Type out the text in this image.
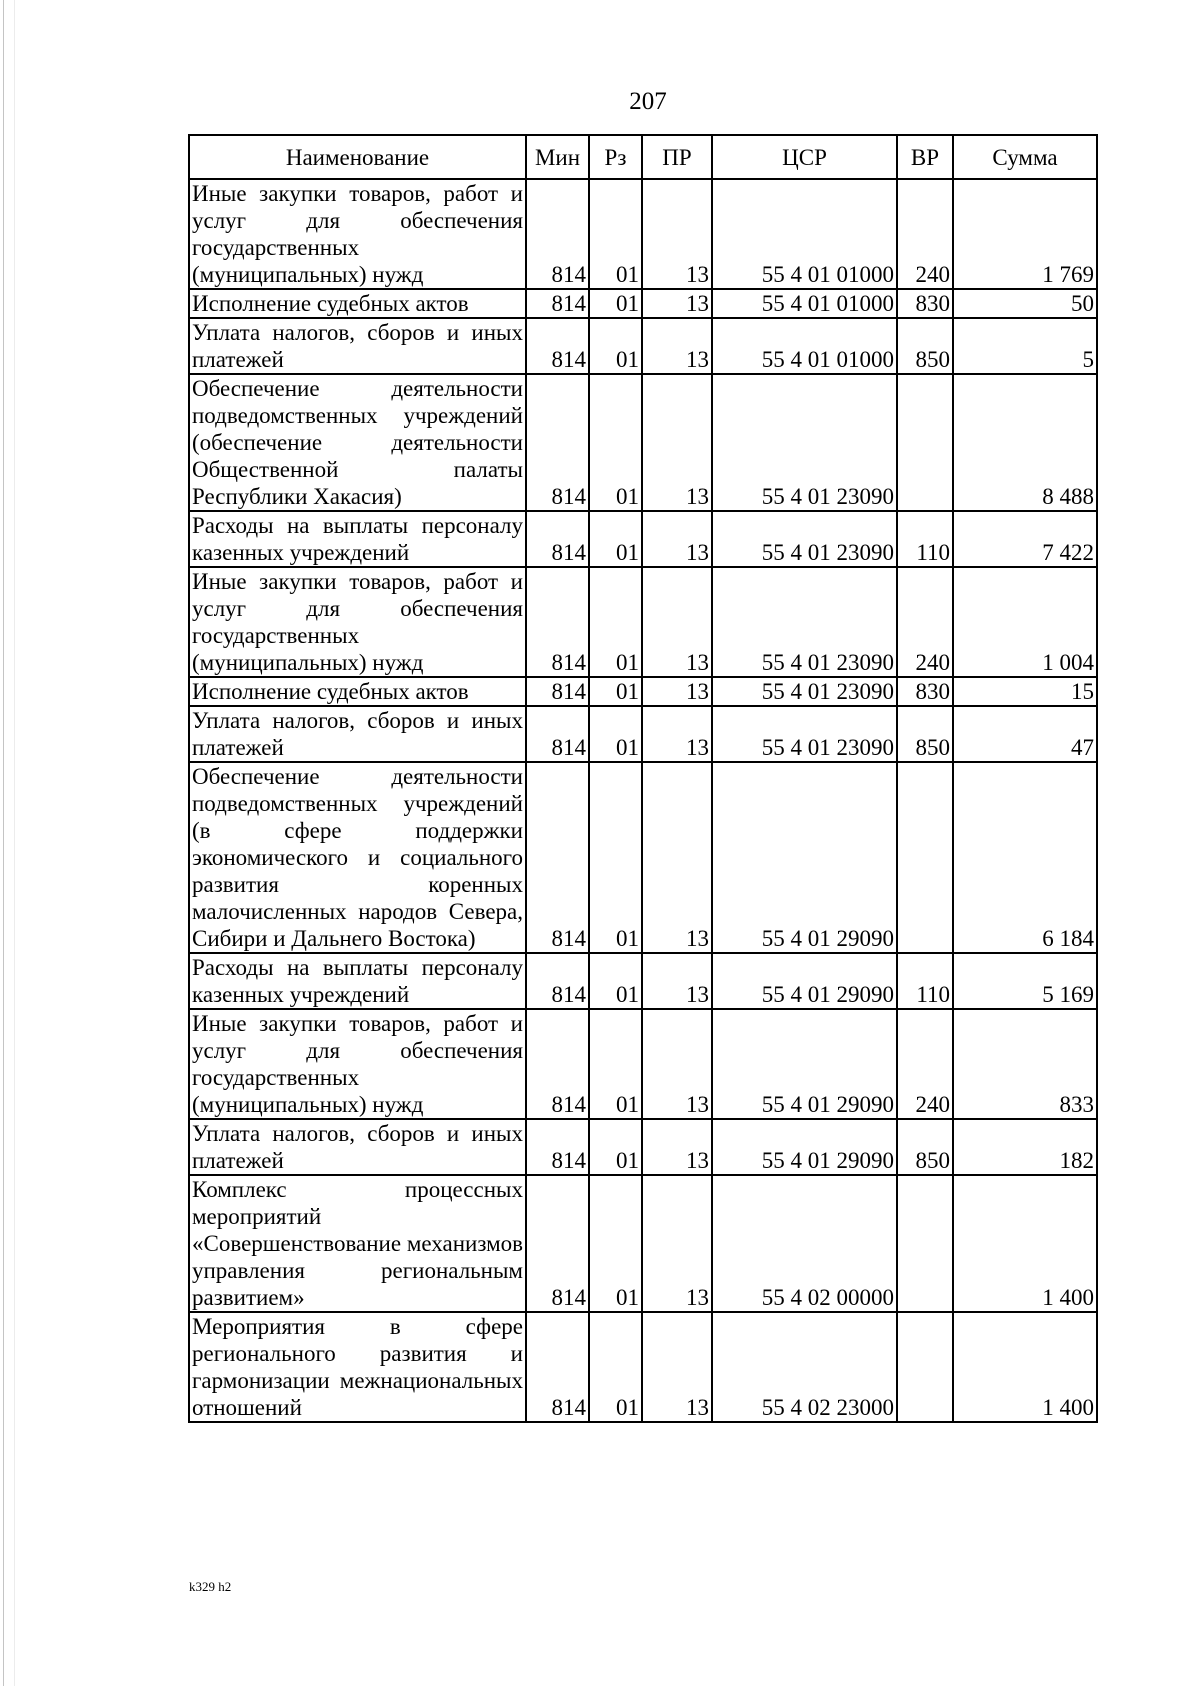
207
Наименование	Мин	Рз	ПР	ЦСР	ВР	Сумма
Иные закупки товаров, работ и услуг для обеспечения государственных (муниципальных) нужд	814	01	13	55 4 01 01000	240	1 769
Исполнение судебных актов	814	01	13	55 4 01 01000	830	50
Уплата налогов, сборов и иных платежей	814	01	13	55 4 01 01000	850	5
Обеспечение деятельности подведомственных учреждений (обеспечение деятельности Общественной палаты Республики Хакасия)	814	01	13	55 4 01 23090		8 488
Расходы на выплаты персоналу казенных учреждений	814	01	13	55 4 01 23090	110	7 422
Иные закупки товаров, работ и услуг для обеспечения государственных (муниципальных) нужд	814	01	13	55 4 01 23090	240	1 004
Исполнение судебных актов	814	01	13	55 4 01 23090	830	15
Уплата налогов, сборов и иных платежей	814	01	13	55 4 01 23090	850	47
Обеспечение деятельности подведомственных учреждений (в сфере поддержки экономического и социального развития коренных малочисленных народов Севера, Сибири и Дальнего Востока)	814	01	13	55 4 01 29090		6 184
Расходы на выплаты персоналу казенных учреждений	814	01	13	55 4 01 29090	110	5 169
Иные закупки товаров, работ и услуг для обеспечения государственных (муниципальных) нужд	814	01	13	55 4 01 29090	240	833
Уплата налогов, сборов и иных платежей	814	01	13	55 4 01 29090	850	182
Комплекс процессных мероприятий «Совершенствование механизмов управления региональным развитием»	814	01	13	55 4 02 00000		1 400
Мероприятия в сфере регионального развития и гармонизации межнациональных отношений	814	01	13	55 4 02 23000		1 400
k329 h2
